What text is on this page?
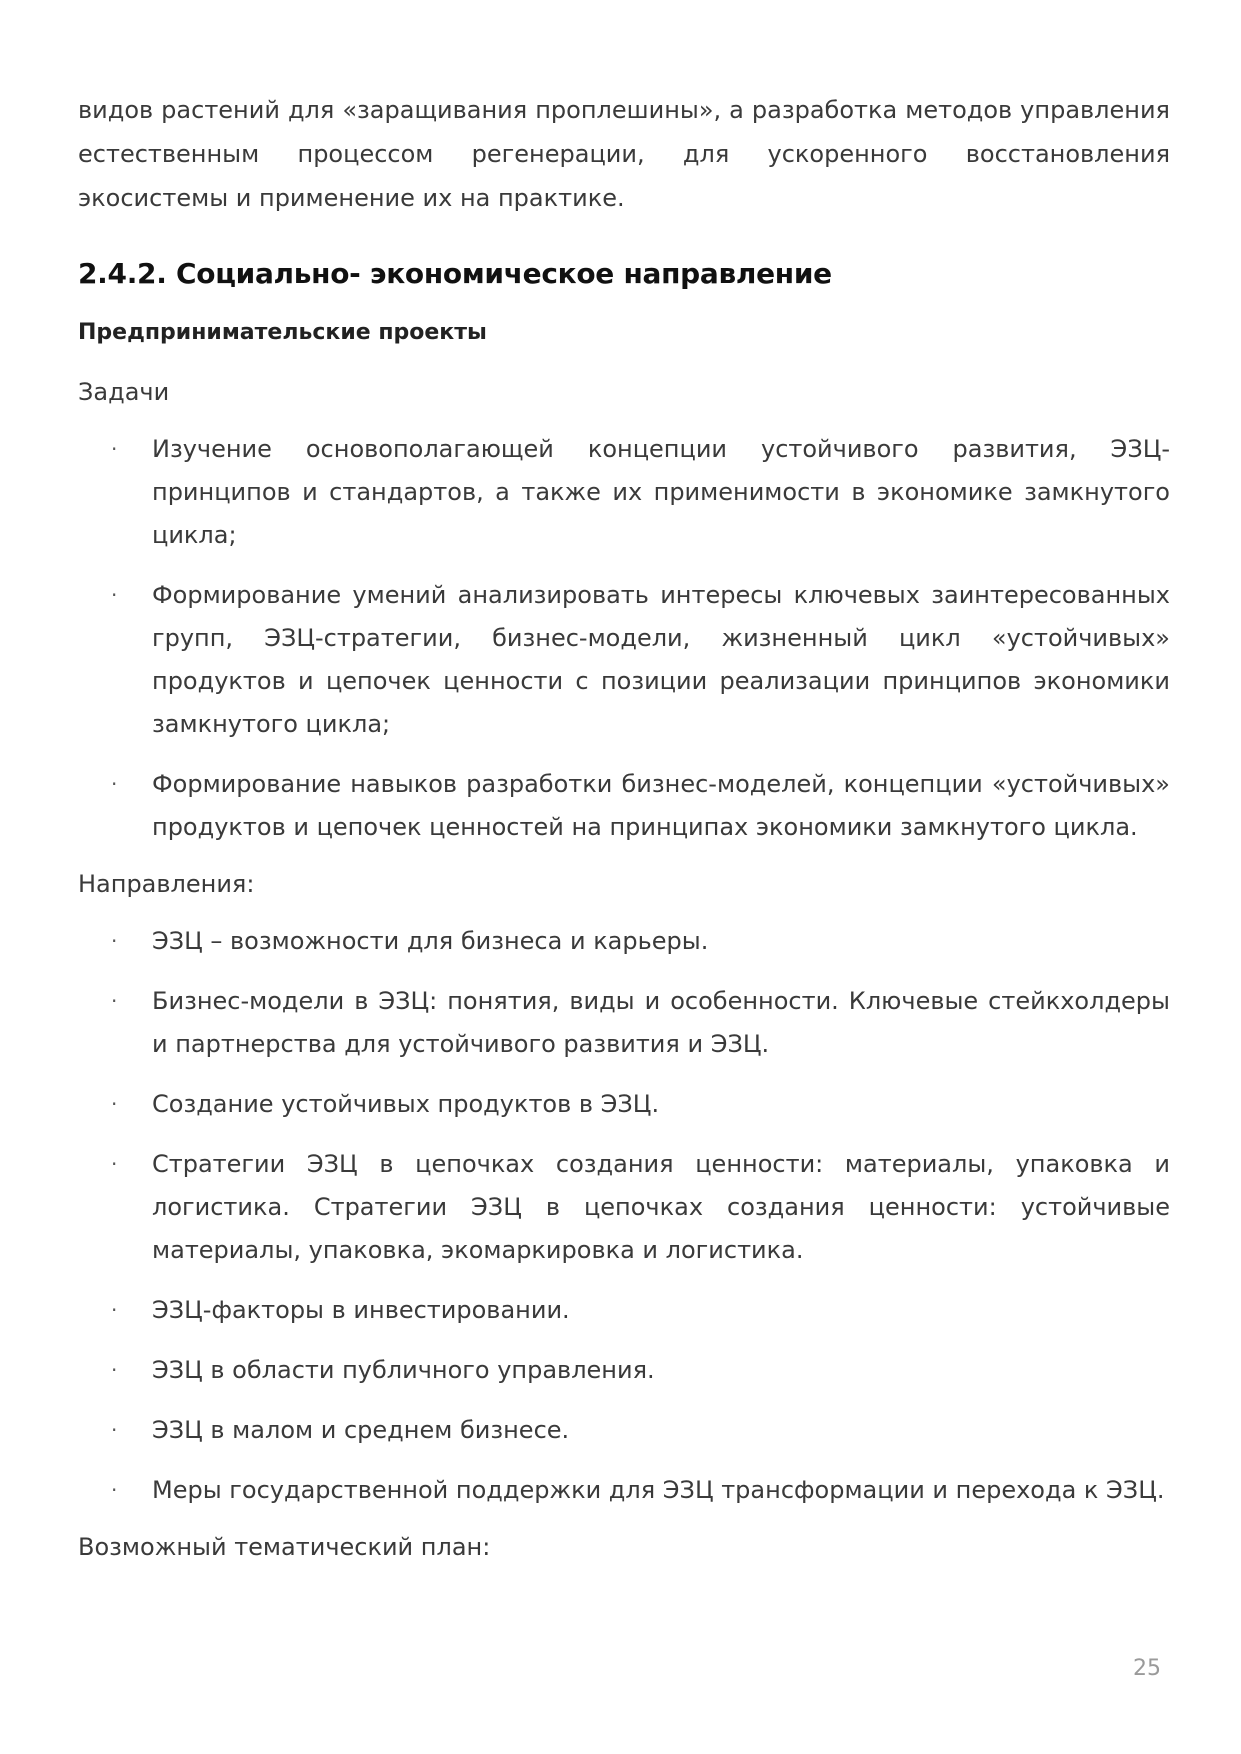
видов растений для «заращивания проплешины», а разработка методов управления естественным процессом регенерации, для ускоренного восстановления экосистемы и применение их на практике.

2.4.2. Социально- экономическое направление

Предпринимательские проекты

Задачи

· Изучение основополагающей концепции устойчивого развития, ЭЗЦ-принципов и стандартов, а также их применимости в экономике замкнутого цикла;
· Формирование умений анализировать интересы ключевых заинтересованных групп, ЭЗЦ-стратегии, бизнес-модели, жизненный цикл «устойчивых» продуктов и цепочек ценности с позиции реализации принципов экономики замкнутого цикла;
· Формирование навыков разработки бизнес-моделей, концепции «устойчивых» продуктов и цепочек ценностей на принципах экономики замкнутого цикла.

Направления:

· ЭЗЦ – возможности для бизнеса и карьеры.
· Бизнес-модели в ЭЗЦ: понятия, виды и особенности. Ключевые стейкхолдеры и партнерства для устойчивого развития и ЭЗЦ.
· Создание устойчивых продуктов в ЭЗЦ.
· Стратегии ЭЗЦ в цепочках создания ценности: материалы, упаковка и логистика. Стратегии ЭЗЦ в цепочках создания ценности: устойчивые материалы, упаковка, экомаркировка и логистика.
· ЭЗЦ-факторы в инвестировании.
· ЭЗЦ в области публичного управления.
· ЭЗЦ в малом и среднем бизнесе.
· Меры государственной поддержки для ЭЗЦ трансформации и перехода к ЭЗЦ.

Возможный тематический план:

25
